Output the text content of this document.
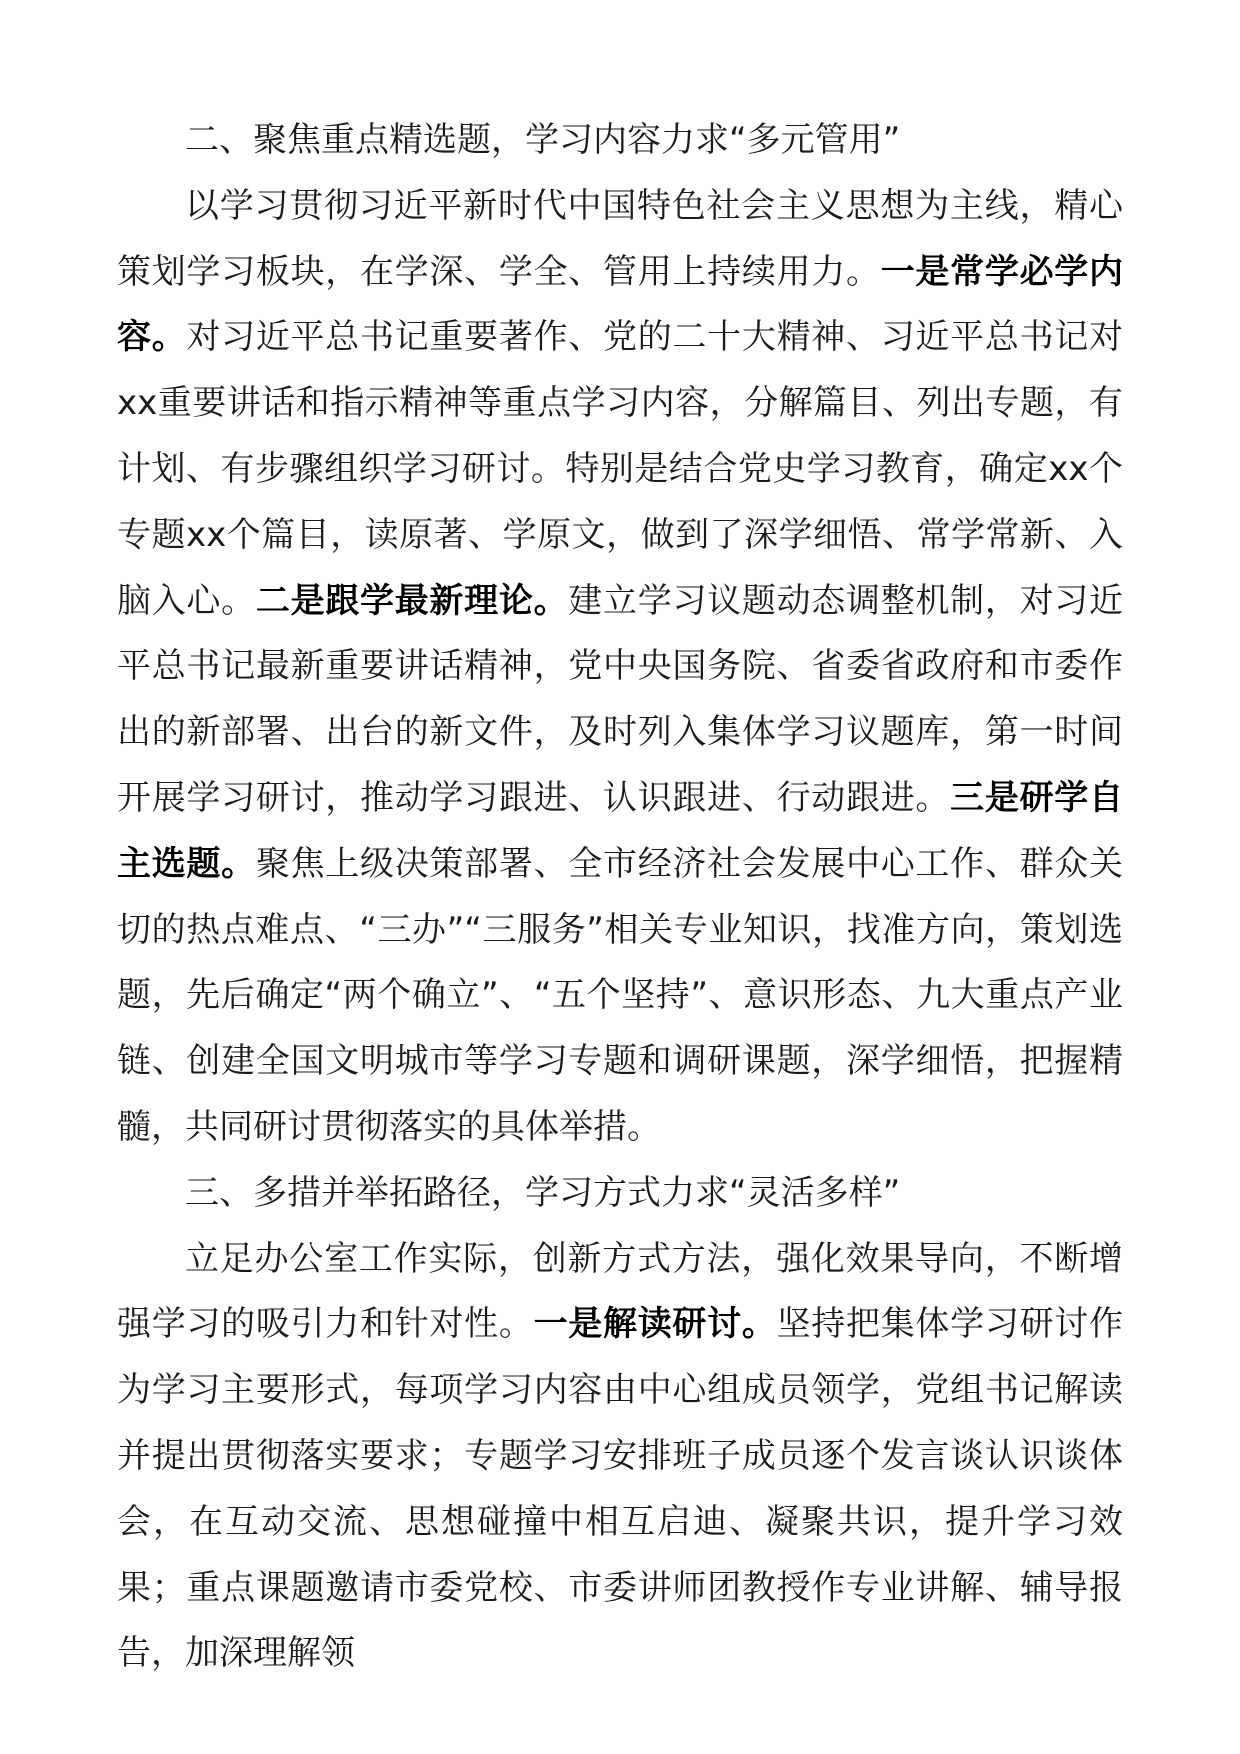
二、聚焦重点精选题，学习内容力求“多元管用”

以学习贯彻习近平新时代中国特色社会主义思想为主线，精心策划学习板块，在学深、学全、管用上持续用力。一是常学必学内容。对习近平总书记重要著作、党的二十大精神、习近平总书记对xx重要讲话和指示精神等重点学习内容，分解篇目、列出专题，有计划、有步骤组织学习研讨。特别是结合党史学习教育，确定xx个专题xx个篇目，读原著、学原文，做到了深学细悟、常学常新、入脑入心。二是跟学最新理论。建立学习议题动态调整机制，对习近平总书记最新重要讲话精神，党中央国务院、省委省政府和市委作出的新部署、出台的新文件，及时列入集体学习议题库，第一时间开展学习研讨，推动学习跟进、认识跟进、行动跟进。三是研学自主选题。聚焦上级决策部署、全市经济社会发展中心工作、群众关切的热点难点、“三办”“三服务”相关专业知识，找准方向，策划选题，先后确定“两个确立”、“五个坚持”、意识形态、九大重点产业链、创建全国文明城市等学习专题和调研课题，深学细悟，把握精髓，共同研讨贯彻落实的具体举措。

三、多措并举拓路径，学习方式力求“灵活多样”

立足办公室工作实际，创新方式方法，强化效果导向，不断增强学习的吸引力和针对性。一是解读研讨。坚持把集体学习研讨作为学习主要形式，每项学习内容由中心组成员领学，党组书记解读并提出贯彻落实要求；专题学习安排班子成员逐个发言谈认识谈体会，在互动交流、思想碰撞中相互启迪、凝聚共识，提升学习效果；重点课题邀请市委党校、市委讲师团教授作专业讲解、辅导报告，加深理解领
